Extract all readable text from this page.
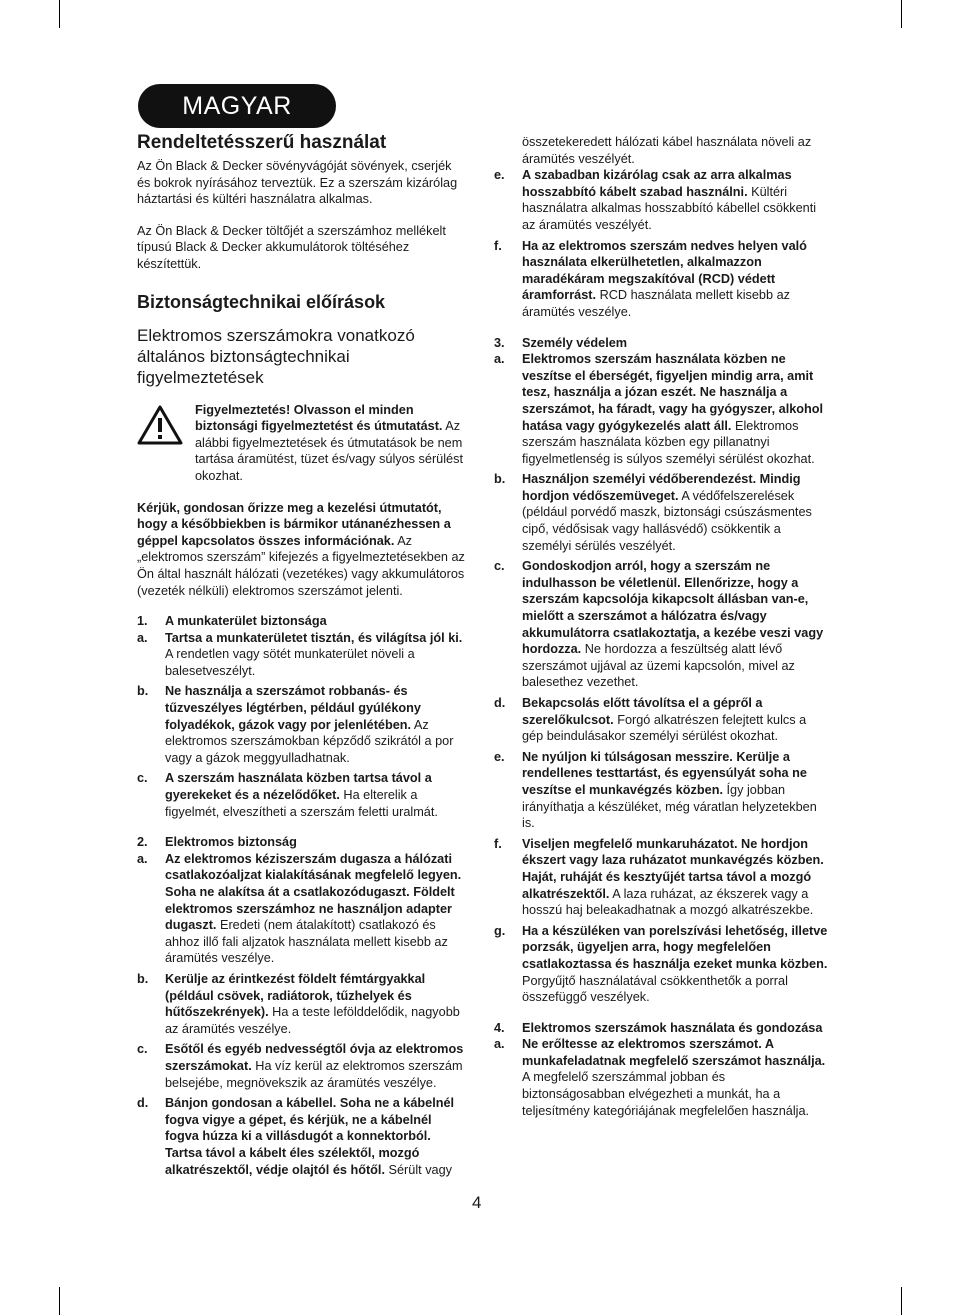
MAGYAR
Rendeltetésszerű használat

Az Ön Black & Decker sövényvágóját sövények, cserjék és bokrok nyírásához terveztük. Ez a szerszám kizárólag háztartási és kültéri használatra alkalmas.

Az Ön Black & Decker töltőjét a szerszámhoz mellékelt típusú Black & Decker akkumulátorok töltéséhez készítettük.

Biztonságtechnikai előírások
Elektromos szerszámokra vonatkozó általános biztonságtechnikai figyelmeztetések
Figyelmeztetés! Olvasson el minden biztonsági figyelmeztetést és útmutatást. Az alábbi figyelmeztetések és útmutatások be nem tartása áramütést, tüzet és/vagy súlyos sérülést okozhat.

Kérjük, gondosan őrizze meg a kezelési útmutatót, hogy a későbbiekben is bármikor utánanézhessen a géppel kapcsolatos összes információnak. Az „elektromos szerszám” kifejezés a figyelmeztetésekben az Ön által használt hálózati (vezetékes) vagy akkumulátoros (vezeték nélküli) elektromos szerszámot jelenti.

1.	A munkaterület biztonsága
a.	Tartsa a munkaterületet tisztán, és világítsa jól ki. A rendetlen vagy sötét munkaterület növeli a balesetveszélyt.
b.	Ne használja a szerszámot robbanás- és tűzveszélyes légtérben, például gyúlékony folyadékok, gázok vagy por jelenlétében. Az elektromos szerszámokban képződő szikrától a por vagy a gázok meggyulladhatnak.
c.	A szerszám használata közben tartsa távol a gyerekeket és a nézelődőket. Ha elterelik a figyelmét, elveszítheti a szerszám feletti uralmát.
2.	Elektromos biztonság
a.	Az elektromos kéziszerszám dugasza a hálózati csatlakozóaljzat kialakításának megfelelő legyen. Soha ne alakítsa át a csatlakozódugaszt. Földelt elektromos szerszámhoz ne használjon adapter dugaszt. Eredeti (nem átalakított) csatlakozó és ahhoz illő fali aljzatok használata mellett kisebb az áramütés veszélye.
b.	Kerülje az érintkezést földelt fémtárgyakkal (például csövek, radiátorok, tűzhelyek és hűtőszekrények). Ha a teste lefölddelődik, nagyobb az áramütés veszélye.
c.	Esőtől és egyéb nedvességtől óvja az elektromos szerszámokat. Ha víz kerül az elektromos szerszám belsejébe, megnövekszik az áramütés veszélye.
d.	Bánjon gondosan a kábellel. Soha ne a kábelnél fogva vigye a gépet, és kérjük, ne a kábelnél fogva húzza ki a villásdugót a konnektorból. Tartsa távol a kábelt éles szélektől, mozgó alkatrészektől, védje olajtól és hőtől. Sérült vagy
összetekeredett hálózati kábel használata növeli az áramütés veszélyét.
e.	A szabadban kizárólag csak az arra alkalmas hosszabbító kábelt szabad használni. Kültéri használatra alkalmas hosszabbító kábellel csökkenti az áramütés veszélyét.
f.	Ha az elektromos szerszám nedves helyen való használata elkerülhetetlen, alkalmazzon maradékáram megszakítóval (RCD) védett áramforrást. RCD használata mellett kisebb az áramütés veszélye.
3.	Személy védelem
a.	Elektromos szerszám használata közben ne veszítse el éberségét, figyeljen mindig arra, amit tesz, használja a józan eszét. Ne használja a szerszámot, ha fáradt, vagy ha gyógyszer, alkohol hatása vagy gyógykezelés alatt áll. Elektromos szerszám használata közben egy pillanatnyi figyelmetlenség is súlyos személyi sérülést okozhat.
b.	Használjon személyi védőberendezést. Mindig hordjon védőszemüveget. A védőfelszerelések (például porvédő maszk, biztonsági csúszásmentes cipő, védősisak vagy hallásvédő) csökkentik a személyi sérülés veszélyét.
c.	Gondoskodjon arról, hogy a szerszám ne indulhasson be véletlenül. Ellenőrizze, hogy a szerszám kapcsolója kikapcsolt állásban van-e, mielőtt a szerszámot a hálózatra és/vagy akkumulátorra csatlakoztatja, a kezébe veszi vagy hordozza. Ne hordozza a feszültség alatt lévő szerszámot ujjával az üzemi kapcsolón, mivel az balesethez vezethet.
d.	Bekapcsolás előtt távolítsa el a gépről a szerelőkulcsot. Forgó alkatrészen felejtett kulcs a gép beindulásakor személyi sérülést okozhat.
e.	Ne nyúljon ki túlságosan messzire. Kerülje a rendellenes testtartást, és egyensúlyát soha ne veszítse el munkavégzés közben. Így jobban irányíthatja a készüléket, még váratlan helyzetekben is.
f.	Viseljen megfelelő munkaruházatot. Ne hordjon ékszert vagy laza ruházatot munkavégzés közben. Haját, ruháját és kesztyűjét tartsa távol a mozgó alkatrészektől. A laza ruházat, az ékszerek vagy a hosszú haj beleakadhatnak a mozgó alkatrészekbe.
g.	Ha a készüléken van porelszívási lehetőség, illetve porzsák, ügyeljen arra, hogy megfelelően csatlakoztassa és használja ezeket munka közben. Porgyűjtő használatával csökkenthetők a porral összefüggő veszélyek.
4.	Elektromos szerszámok használata és gondozása
a.	Ne erőltesse az elektromos szerszámot. A munkafeladatnak megfelelő szerszámot használja. A megfelelő szerszámmal jobban és biztonságosabban elvégezheti a munkát, ha a teljesítmény kategóriájának megfelelően használja.
4
